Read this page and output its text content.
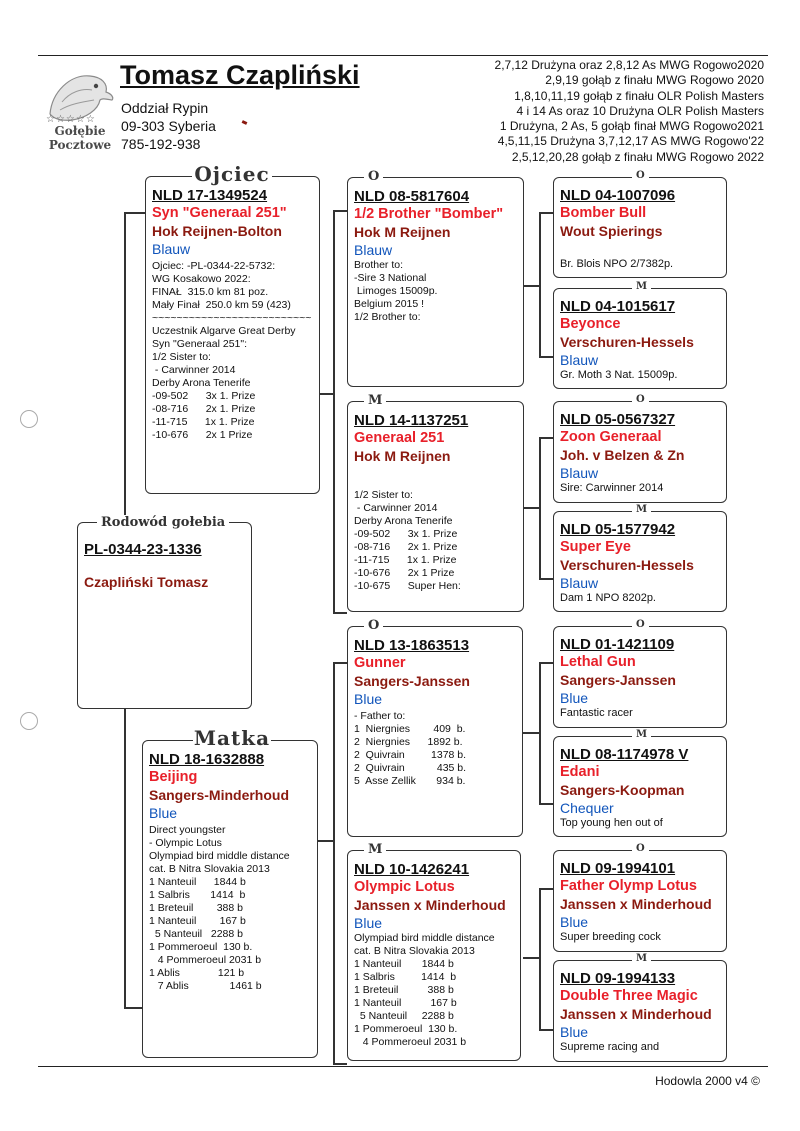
☆☆☆☆☆
Gołębie
Pocztowe
Tomasz Czapliński
Oddział Rypin
09-303 Syberia
785-192-938
2,7,12 Drużyna oraz 2,8,12 As MWG Rogowo2020
2,9,19 gołąb z finału MWG Rogowo 2020
1,8,10,11,19 gołąb z finału OLR Polish Masters
4 i 14 As oraz 10 Drużyna OLR Polish Masters
1 Drużyna, 2 As, 5 gołąb finał MWG Rogowo2021
4,5,11,15 Drużyna 3,7,12,17 AS MWG Rogowo'22
2,5,12,20,28 gołąb z finału MWG Rogowo 2022
PL-0344-23-1336
Czapliński Tomasz
Rodowód gołebia
NLD 17-1349524
Syn "Generaal 251"
Hok Reijnen-Bolton
Blauw
Ojciec: -PL-0344-22-5732:
WG Kosakowo 2022:
FINAŁ  315.0 km 81 poz.
Mały Finał  250.0 km 59 (423)
~~~~~~~~~~~~~~~~~~~~~~~~~~
Uczestnik Algarve Great Derby
Syn "Generaal 251":
1/2 Sister to:
- Carwinner 2014
Derby Arona Tenerife
-09-502      3x 1. Prize
-08-716      2x 1. Prize
-11-715      1x 1. Prize
-10-676      2x 1 Prize
Ojciec
NLD 18-1632888
Beijing
Sangers-Minderhoud
Blue
Direct youngster
- Olympic Lotus
Olympiad bird middle distance
cat. B Nitra Slovakia 2013
1 Nanteuil      1844 b
1 Salbris       1414  b
1 Breteuil        388 b
1 Nanteuil        167 b
5 Nanteuil   2288 b
1 Pommeroeul  130 b.
4 Pommeroeul 2031 b
1 Ablis             121 b
7 Ablis              1461 b
Matka
NLD 08-5817604
1/2 Brother "Bomber"
Hok M Reijnen
Blauw
Brother to:
-Sire 3 National
Limoges 15009p.
Belgium 2015 !
1/2 Brother to:
O
NLD 14-1137251
Generaal 251
Hok M Reijnen
1/2 Sister to:
- Carwinner 2014
Derby Arona Tenerife
-09-502      3x 1. Prize
-08-716      2x 1. Prize
-11-715      1x 1. Prize
-10-676      2x 1 Prize
-10-675      Super Hen:
M
NLD 13-1863513
Gunner
Sangers-Janssen
Blue
- Father to:
1  Niergnies        409  b.
2  Niergnies      1892 b.
2  Quivrain         1378 b.
2  Quivrain           435 b.
5  Asse Zellik       934 b.
O
NLD 10-1426241
Olympic Lotus
Janssen x Minderhoud
Blue
Olympiad bird middle distance
cat. B Nitra Slovakia 2013
1 Nanteuil       1844 b
1 Salbris         1414  b
1 Breteuil          388 b
1 Nanteuil          167 b
5 Nanteuil     2288 b
1 Pommeroeul  130 b.
4 Pommeroeul 2031 b
M
NLD 04-1007096
Bomber Bull
Wout Spierings
Br. Blois NPO 2/7382p.
O
NLD 04-1015617
Beyonce
Verschuren-Hessels
Blauw
Gr. Moth 3 Nat. 15009p.
M
NLD 05-0567327
Zoon Generaal
Joh. v Belzen & Zn
Blauw
Sire: Carwinner 2014
O
NLD 05-1577942
Super Eye
Verschuren-Hessels
Blauw
Dam 1 NPO 8202p.
M
NLD 01-1421109
Lethal Gun
Sangers-Janssen
Blue
Fantastic racer
O
NLD 08-1174978 V
Edani
Sangers-Koopman
Chequer
Top young hen out of
M
NLD 09-1994101
Father Olymp Lotus
Janssen x Minderhoud
Blue
Super breeding cock
O
NLD 09-1994133
Double Three Magic
Janssen x Minderhoud
Blue
Supreme racing and
M
Hodowla 2000 v4 ©
